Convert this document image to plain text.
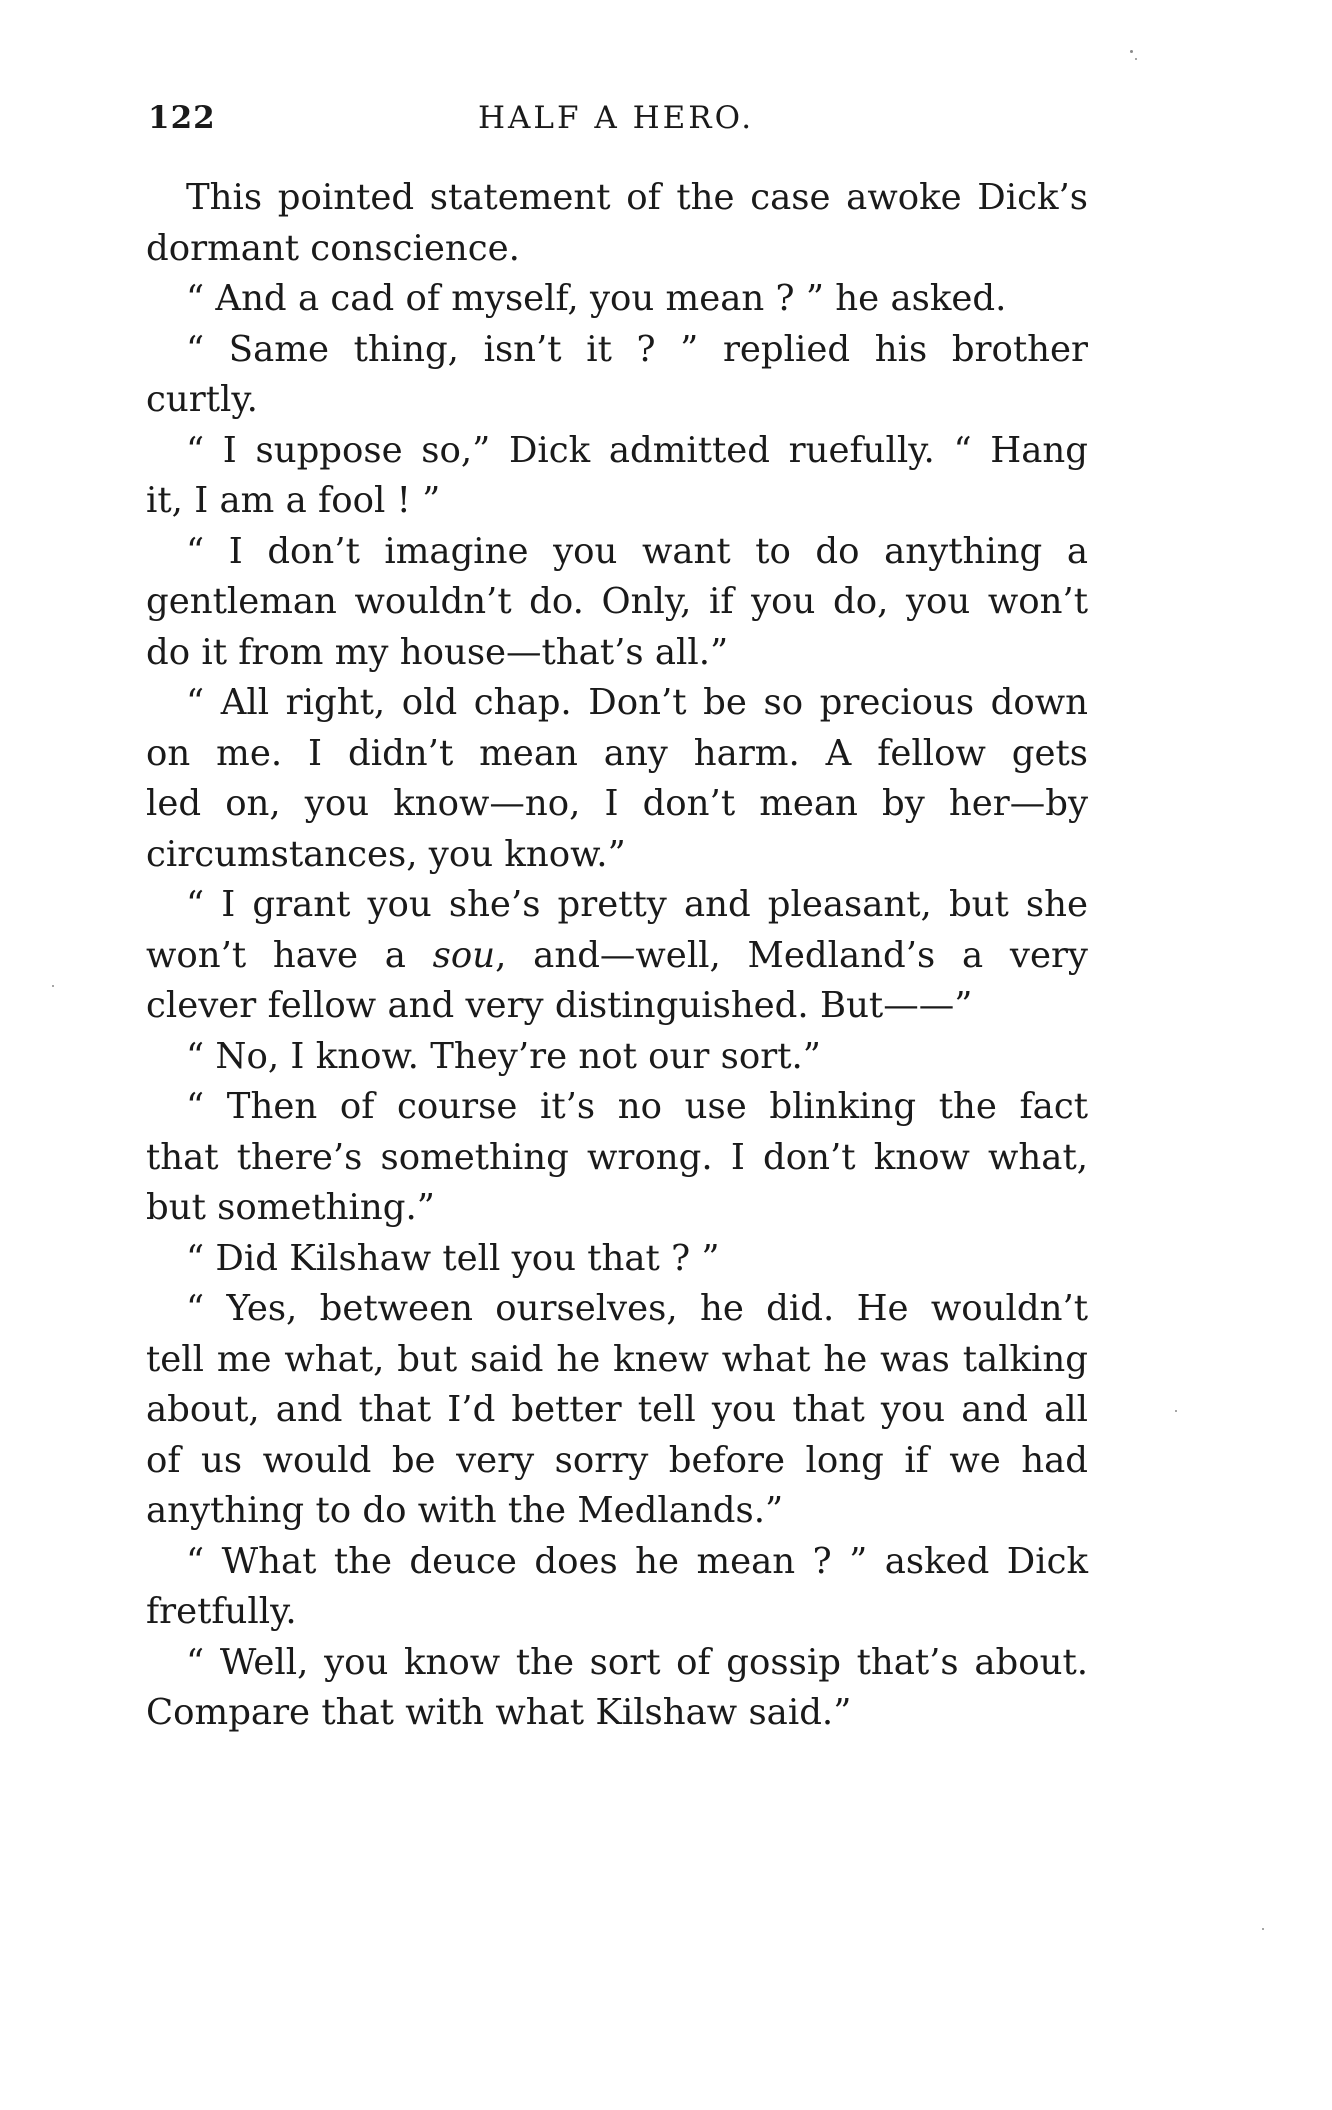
122	HALF A HERO.
This pointed statement of the case awoke Dick’s
dormant conscience.
“ And a cad of myself, you mean ? ” he asked.
“ Same thing, isn’t it ? ” replied his brother
curtly.
“ I suppose so,” Dick admitted ruefully. “ Hang
it, I am a fool ! ”
“ I don’t imagine you want to do anything a
gentleman wouldn’t do. Only, if you do, you won’t
do it from my house—that’s all.”
“ All right, old chap. Don’t be so precious down
on me. I didn’t mean any harm. A fellow gets
led on, you know—no, I don’t mean by her—by
circumstances, you know.”
“ I grant you she’s pretty and pleasant, but she
won’t have a sou, and—well, Medland’s a very
clever fellow and very distinguished. But——”
“ No, I know. They’re not our sort.”
“ Then of course it’s no use blinking the fact
that there’s something wrong. I don’t know what,
but something.”
“ Did Kilshaw tell you that ? ”
“ Yes, between ourselves, he did. He wouldn’t
tell me what, but said he knew what he was talking
about, and that I’d better tell you that you and all
of us would be very sorry before long if we had
anything to do with the Medlands.”
“ What the deuce does he mean ? ” asked Dick
fretfully.
“ Well, you know the sort of gossip that’s about.
Compare that with what Kilshaw said.”
